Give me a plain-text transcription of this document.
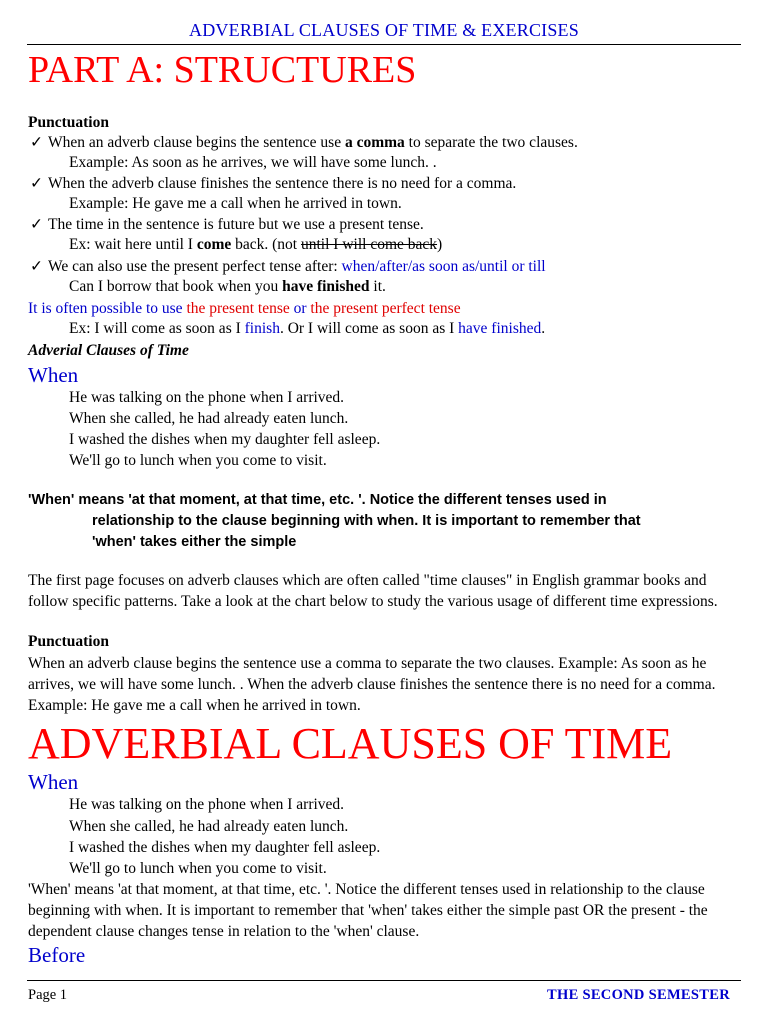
ADVERBIAL CLAUSES OF TIME & EXERCISES
PART A: STRUCTURES
Punctuation
✓ When an adverb clause begins the sentence use a comma to separate the two clauses.
Example: As soon as he arrives, we will have some lunch. .
✓ When the adverb clause finishes the sentence there is no need for a comma.
Example: He gave me a call when he arrived in town.
✓ The time in the sentence is future but we use a present tense.
Ex: wait here until I come back. (not until I will come back)
✓ We can also use the present perfect tense after: when/after/as soon as/until or till
Can I borrow that book when you have finished it.
It is often possible to use the present tense or the present perfect tense
Ex: I will come as soon as I finish. Or I will come as soon as I have finished.
Adverial Clauses of Time
When
He was talking on the phone when I arrived.
When she called, he had already eaten lunch.
I washed the dishes when my daughter fell asleep.
We'll go to lunch when you come to visit.
'When' means 'at that moment, at that time, etc. '. Notice the different tenses used in
relationship to the clause beginning with when. It is important to remember that
'when' takes either the simple
The first page focuses on adverb clauses which are often called "time clauses" in English grammar books and follow specific patterns. Take a look at the chart below to study the various usage of different time expressions.
Punctuation
When an adverb clause begins the sentence use a comma to separate the two clauses. Example: As soon as he arrives, we will have some lunch. . When the adverb clause finishes the sentence there is no need for a comma. Example: He gave me a call when he arrived in town.
ADVERBIAL CLAUSES OF TIME
When
He was talking on the phone when I arrived.
When she called, he had already eaten lunch.
I washed the dishes when my daughter fell asleep.
We'll go to lunch when you come to visit.
'When' means 'at that moment, at that time, etc. '. Notice the different tenses used in relationship to the clause beginning with when. It is important to remember that 'when' takes either the simple past OR the present - the dependent clause changes tense in relation to the 'when' clause.
Before
Page 1	THE SECOND SEMESTER
